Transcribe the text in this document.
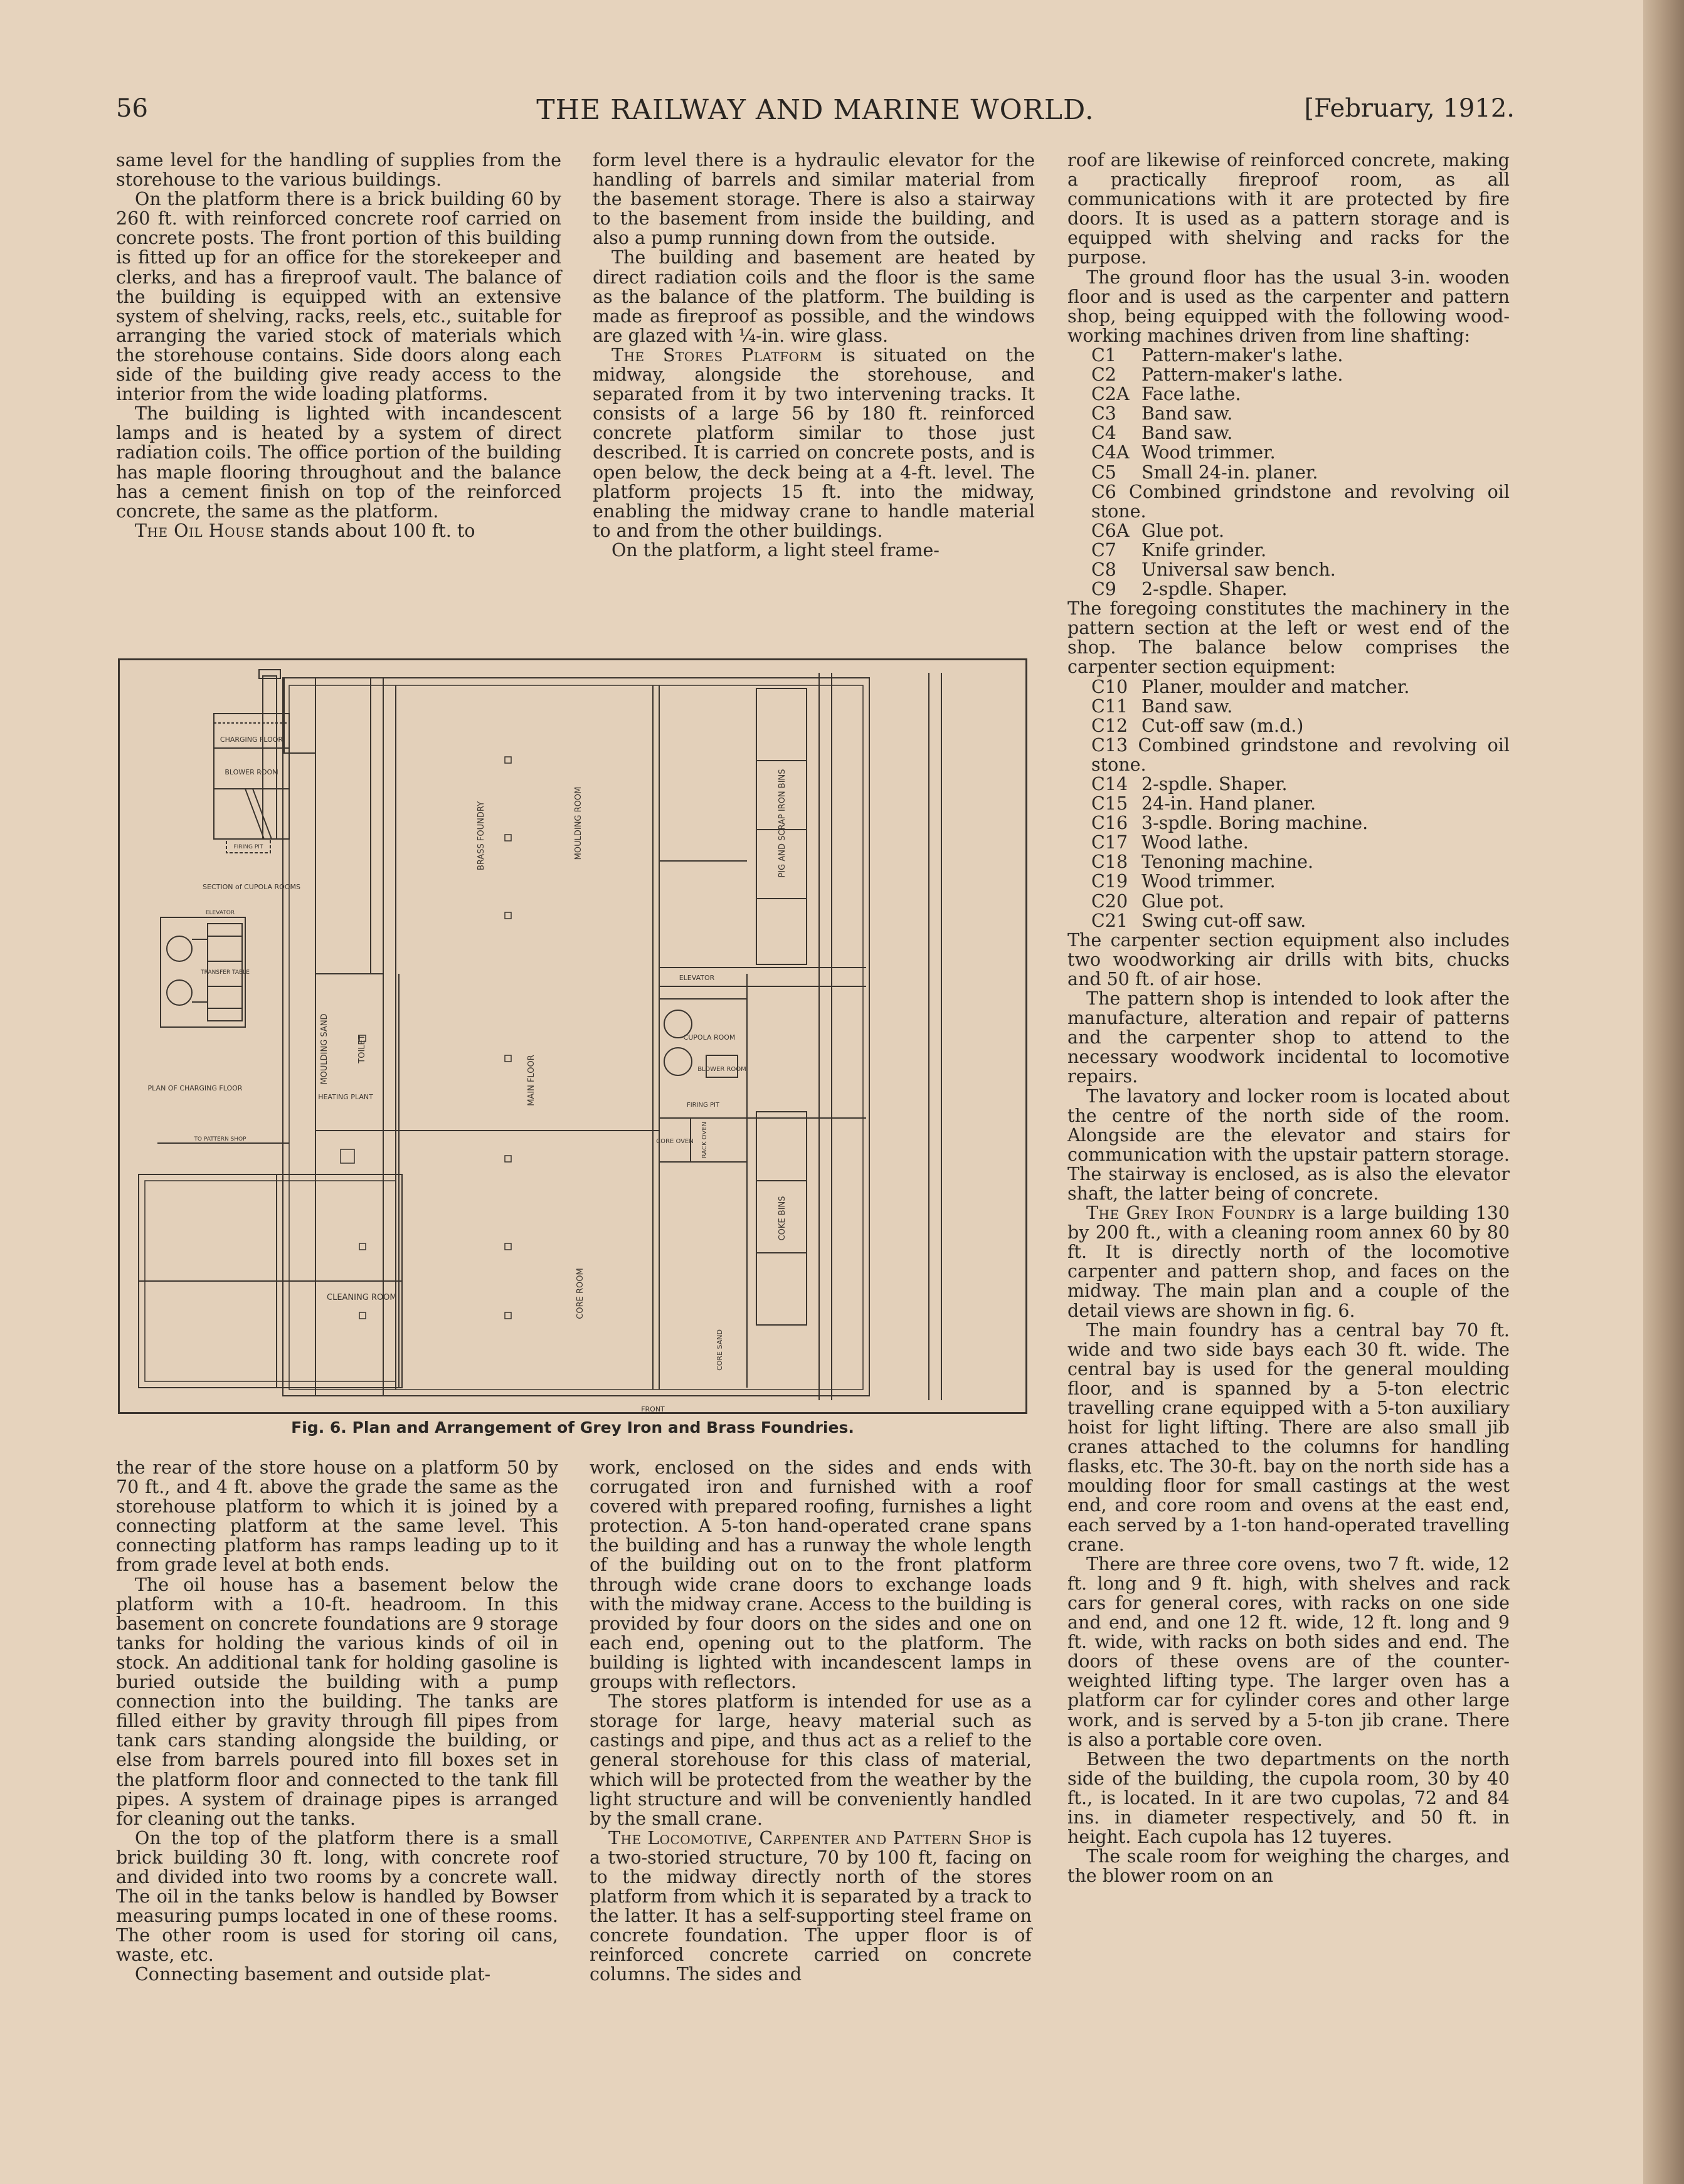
56	THE RAILWAY AND MARINE WORLD.	[February, 1912.

same level for the handling of supplies from the storehouse to the various buildings.

On the platform there is a brick building 60 by 260 ft. with reinforced concrete roof carried on concrete posts. The front portion of this building is fitted up for an office for the storekeeper and clerks, and has a fireproof vault. The balance of the building is equipped with an extensive system of shelving, racks, reels, etc., suitable for arranging the varied stock of materials which the storehouse contains. Side doors along each side of the building give ready access to the interior from the wide loading platforms.

The building is lighted with incandescent lamps and is heated by a system of direct radiation coils. The office portion of the building has maple flooring throughout and the balance has a cement finish on top of the reinforced concrete, the same as the platform.

The Oil House stands about 100 ft. to

form level there is a hydraulic elevator for the handling of barrels and similar material from the basement storage. There is also a stairway to the basement from inside the building, and also a pump running down from the outside.

The building and basement are heated by direct radiation coils and the floor is the same as the balance of the platform. The building is made as fireproof as possible, and the windows are glazed with ¼-in. wire glass.

The Stores Platform is situated on the midway, alongside the storehouse, and separated from it by two intervening tracks. It consists of a large 56 by 180 ft. reinforced concrete platform similar to those just described. It is carried on concrete posts, and is open below, the deck being at a 4-ft. level. The platform projects 15 ft. into the midway, enabling the midway crane to handle material to and from the other buildings.

On the platform, a light steel frame-

roof are likewise of reinforced concrete, making a practically fireproof room, as all communications with it are protected by fire doors. It is used as a pattern storage and is equipped with shelving and racks for the purpose.

The ground floor has the usual 3-in. wooden floor and is used as the carpenter and pattern shop, being equipped with the following wood-working machines driven from line shafting:

C1 Pattern-maker's lathe.
C2 Pattern-maker's lathe.
C2A Face lathe.
C3 Band saw.
C4 Band saw.
C4A Wood trimmer.
C5 Small 24-in. planer.
C6 Combined grindstone and revolving oil stone.
C6A Glue pot.
C7 Knife grinder.
C8 Universal saw bench.
C9 2-spdle. Shaper.

The foregoing constitutes the machinery in the pattern section at the left or west end of the shop. The balance below comprises the carpenter section equipment:

C10 Planer, moulder and matcher.
C11 Band saw.
C12 Cut-off saw (m.d.)
C13 Combined grindstone and revolving oil stone.
C14 2-spdle. Shaper.
C15 24-in. Hand planer.
C16 3-spdle. Boring machine.
C17 Wood lathe.
C18 Tenoning machine.
C19 Wood trimmer.
C20 Glue pot.
C21 Swing cut-off saw.

The carpenter section equipment also includes two woodworking air drills with bits, chucks and 50 ft. of air hose.

The pattern shop is intended to look after the manufacture, alteration and repair of patterns and the carpenter shop to attend to the necessary woodwork incidental to locomotive repairs.

The lavatory and locker room is located about the centre of the north side of the room. Alongside are the elevator and stairs for communication with the upstair pattern storage. The stairway is enclosed, as is also the elevator shaft, the latter being of concrete.

The Grey Iron Foundry is a large building 130 by 200 ft., with a cleaning room annex 60 by 80 ft. It is directly north of the locomotive carpenter and pattern shop, and faces on the midway. The main plan and a couple of the detail views are shown in fig. 6.

The main foundry has a central bay 70 ft. wide and two side bays each 30 ft. wide. The central bay is used for the general moulding floor, and is spanned by a 5-ton electric travelling crane equipped with a 5-ton auxiliary hoist for light lifting. There are also small jib cranes attached to the columns for handling flasks, etc. The 30-ft. bay on the north side has a moulding floor for small castings at the west end, and core room and ovens at the east end, each served by a 1-ton hand-operated travelling crane.

There are three core ovens, two 7 ft. wide, 12 ft. long and 9 ft. high, with shelves and rack cars for general cores, with racks on one side and end, and one 12 ft. wide, 12 ft. long and 9 ft. wide, with racks on both sides and end. The doors of these ovens are of the counter-weighted lifting type. The larger oven has a platform car for cylinder cores and other large work, and is served by a 5-ton jib crane. There is also a portable core oven.

Between the two departments on the north side of the building, the cupola room, 30 by 40 ft., is located. In it are two cupolas, 72 and 84 ins. in diameter respectively, and 50 ft. in height. Each cupola has 12 tuyeres.

The scale room for weighing the charges, and the blower room on an

CHARGING FLOOR
BLOWER ROOM
FIRING PIT
SECTION of CUPOLA ROOMS
ELEVATOR
TRANSFER TABLE
PLAN OF CHARGING FLOOR
TO PATTERN SHOP
HEATING PLANT
ELEVATOR
CUPOLA ROOM
BLOWER ROOM
FIRING PIT
CORE OVEN
CLEANING ROOM
FRONT
BRASS FOUNDRY
MOULDING SAND	TOILET
MAIN FLOOR
MOULDING ROOM	PIG AND SCRAP IRON BINS
RACK OVEN
CORE ROOM
COKE BINS
CORE SAND
Fig. 6. Plan and Arrangement of Grey Iron and Brass Foundries.

the rear of the store house on a platform 50 by 70 ft., and 4 ft. above the grade the same as the storehouse platform to which it is joined by a connecting platform at the same level. This connecting platform has ramps leading up to it from grade level at both ends.

The oil house has a basement below the platform with a 10-ft. headroom. In this basement on concrete foundations are 9 storage tanks for holding the various kinds of oil in stock. An additional tank for holding gasoline is buried outside the building with a pump connection into the building. The tanks are filled either by gravity through fill pipes from tank cars standing alongside the building, or else from barrels poured into fill boxes set in the platform floor and connected to the tank fill pipes. A system of drainage pipes is arranged for cleaning out the tanks.

On the top of the platform there is a small brick building 30 ft. long, with concrete roof and divided into two rooms by a concrete wall. The oil in the tanks below is handled by Bowser measuring pumps located in one of these rooms. The other room is used for storing oil cans, waste, etc.

Connecting basement and outside plat-

work, enclosed on the sides and ends with corrugated iron and furnished with a roof covered with prepared roofing, furnishes a light protection. A 5-ton hand-operated crane spans the building and has a runway the whole length of the building out on to the front platform through wide crane doors to exchange loads with the midway crane. Access to the building is provided by four doors on the sides and one on each end, opening out to the platform. The building is lighted with incandescent lamps in groups with reflectors.

The stores platform is intended for use as a storage for large, heavy material such as castings and pipe, and thus act as a relief to the general storehouse for this class of material, which will be protected from the weather by the light structure and will be conveniently handled by the small crane.

The Locomotive, Carpenter and Pattern Shop is a two-storied structure, 70 by 100 ft, facing on to the midway directly north of the stores platform from which it is separated by a track to the latter. It has a self-supporting steel frame on concrete foundation. The upper floor is of reinforced concrete carried on concrete columns. The sides and
